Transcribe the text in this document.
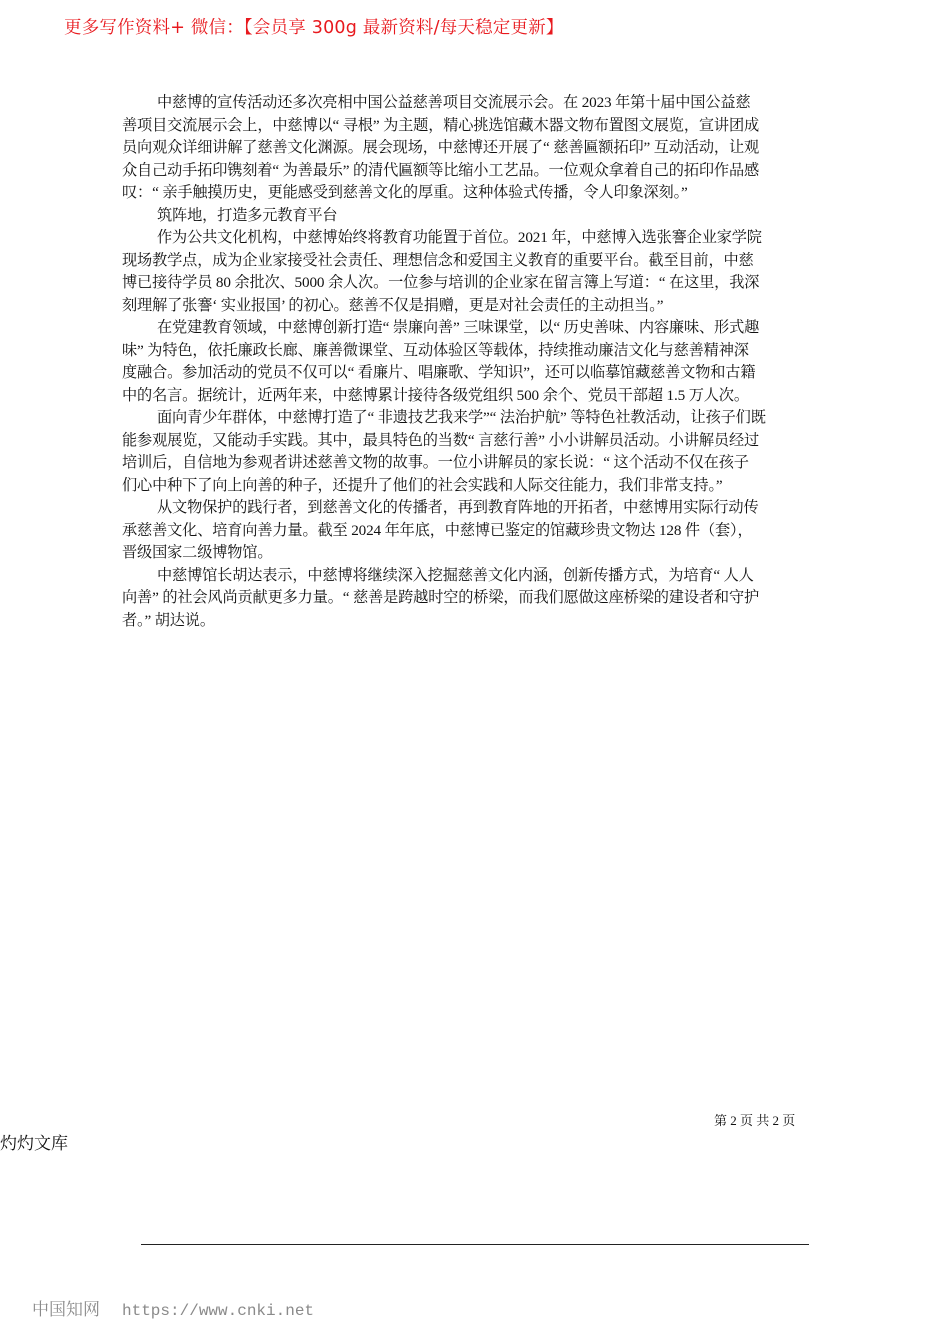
更多写作资料+ 微信：【会员享 300g 最新资料/每天稳定更新】
中慈博的宣传活动还多次亮相中国公益慈善项目交流展示会。在 2023 年第十届中国公益慈
善项目交流展示会上，中慈博以“ 寻根” 为主题，精心挑选馆藏木器文物布置图文展览，宣讲团成
员向观众详细讲解了慈善文化渊源。展会现场，中慈博还开展了“ 慈善匾额拓印” 互动活动，让观
众自己动手拓印镌刻着“ 为善最乐” 的清代匾额等比缩小工艺品。一位观众拿着自己的拓印作品感
叹：“ 亲手触摸历史，更能感受到慈善文化的厚重。这种体验式传播，令人印象深刻。”
筑阵地，打造多元教育平台
作为公共文化机构，中慈博始终将教育功能置于首位。2021 年，中慈博入选张謇企业家学院
现场教学点，成为企业家接受社会责任、理想信念和爱国主义教育的重要平台。截至目前，中慈
博已接待学员 80 余批次、5000 余人次。一位参与培训的企业家在留言簿上写道：“ 在这里，我深
刻理解了张謇‘ 实业报国’ 的初心。慈善不仅是捐赠，更是对社会责任的主动担当。”
在党建教育领域，中慈博创新打造“ 崇廉向善” 三味课堂，以“ 历史善味、内容廉味、形式趣
味” 为特色，依托廉政长廊、廉善微课堂、互动体验区等载体，持续推动廉洁文化与慈善精神深
度融合。参加活动的党员不仅可以“ 看廉片、唱廉歌、学知识”，还可以临摹馆藏慈善文物和古籍
中的名言。据统计，近两年来，中慈博累计接待各级党组织 500 余个、党员干部超 1.5 万人次。
面向青少年群体，中慈博打造了“ 非遗技艺我来学”“ 法治护航” 等特色社教活动，让孩子们既
能参观展览，又能动手实践。其中，最具特色的当数“ 言慈行善” 小小讲解员活动。小讲解员经过
培训后，自信地为参观者讲述慈善文物的故事。一位小讲解员的家长说：“ 这个活动不仅在孩子
们心中种下了向上向善的种子，还提升了他们的社会实践和人际交往能力，我们非常支持。”
从文物保护的践行者，到慈善文化的传播者，再到教育阵地的开拓者，中慈博用实际行动传
承慈善文化、培育向善力量。截至 2024 年年底，中慈博已鉴定的馆藏珍贵文物达 128 件（套），
晋级国家二级博物馆。
中慈博馆长胡达表示，中慈博将继续深入挖掘慈善文化内涵，创新传播方式，为培育“ 人人
向善” 的社会风尚贡献更多力量。“ 慈善是跨越时空的桥梁，而我们愿做这座桥梁的建设者和守护
者。” 胡达说。
第 2 页 共 2 页
灼灼文库
中国知网 https://www.cnki.net
